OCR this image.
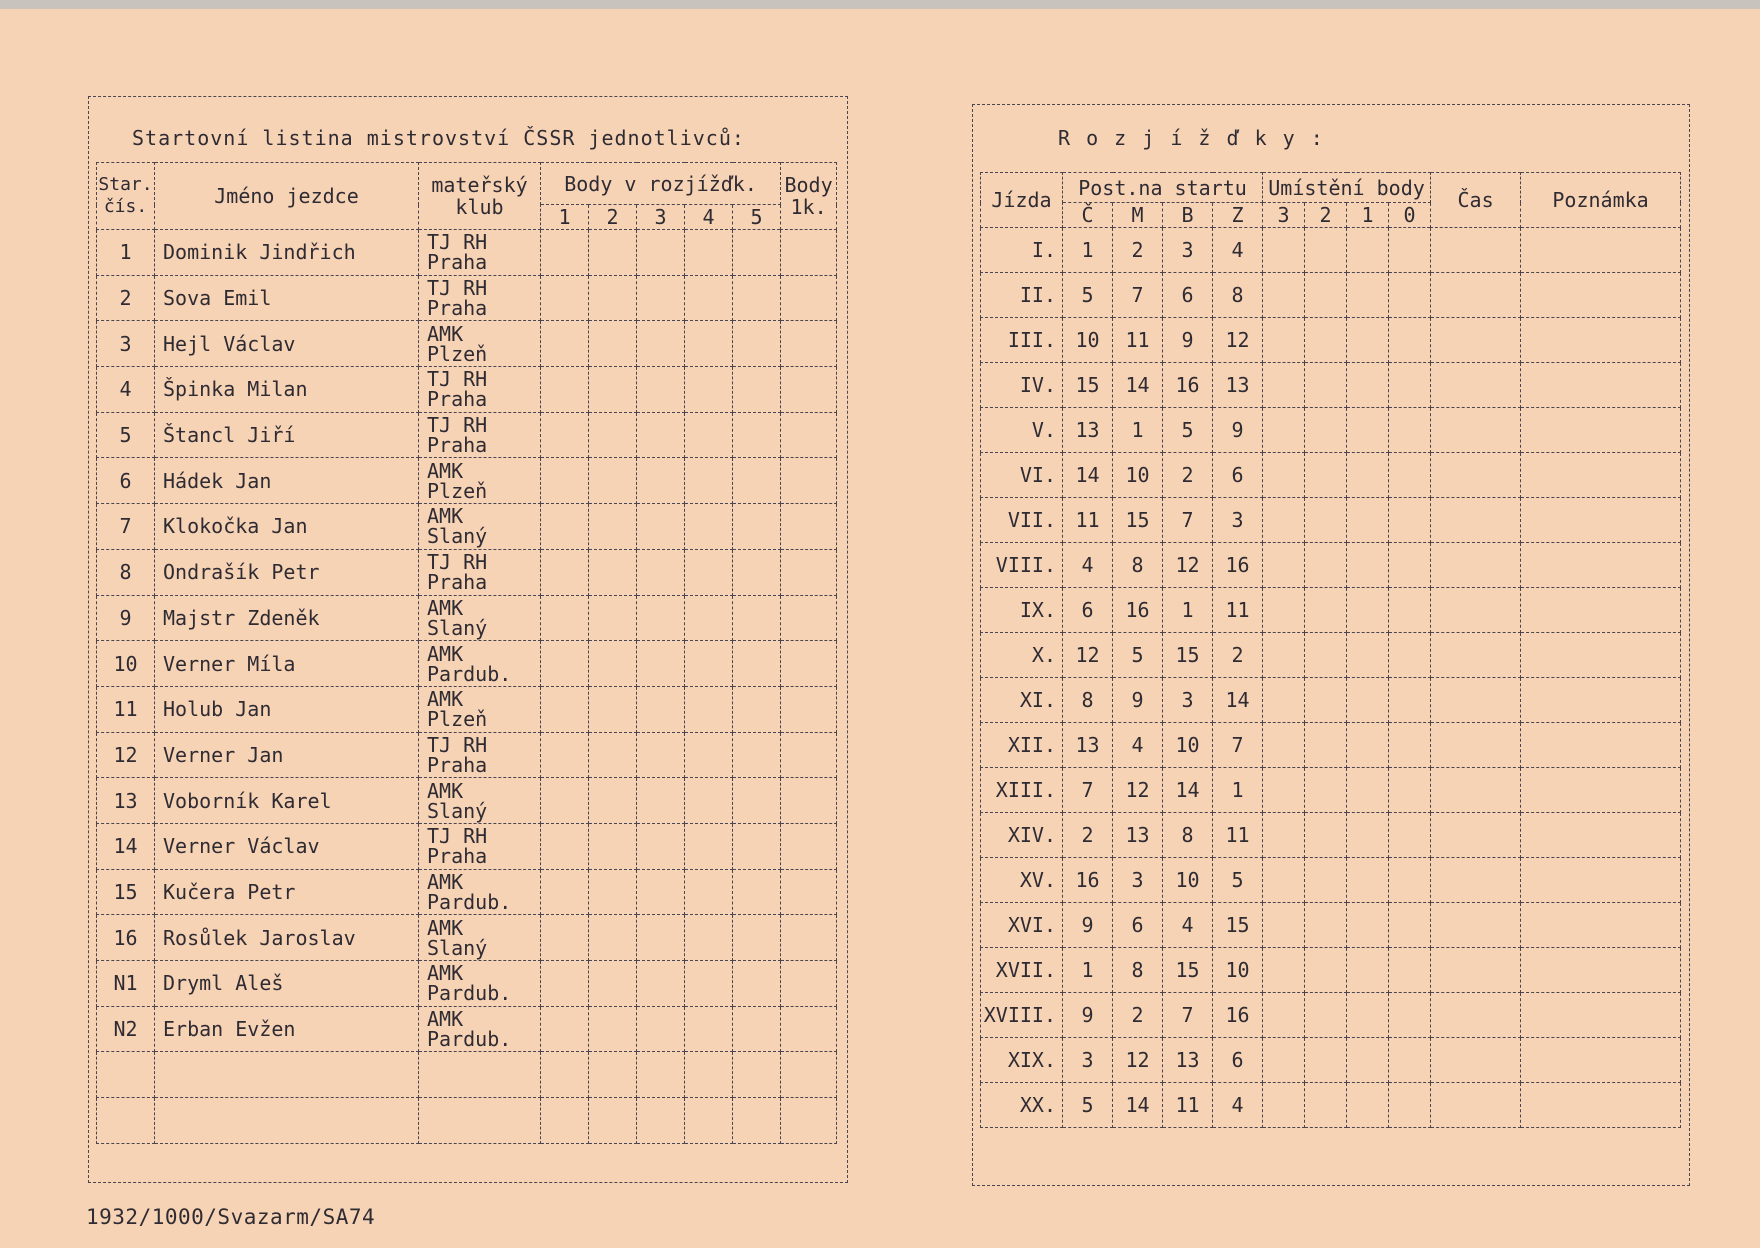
Startovní listina mistrovství ČSSR jednotlivců:
Star. čís.	Jméno jezdce	mateřský klub	Body v rozjížďk.					Body 1k.
			1	2	3	4	5	
1	Dominik Jindřich	TJ RH
Praha						

2	Sova Emil	TJ RH
Praha						

3	Hejl Václav	AMK
Plzeň						

4	Špinka Milan	TJ RH
Praha						

5	Štancl Jiří	TJ RH
Praha						

6	Hádek Jan	AMK
Plzeň						

7	Klokočka Jan	AMK
Slaný						

8	Ondrašík Petr	TJ RH
Praha						

9	Majstr Zdeněk	AMK
Slaný						

10	Verner Míla	AMK
Pardub.						

11	Holub Jan	AMK
Plzeň						

12	Verner Jan	TJ RH
Praha						

13	Voborník Karel	AMK
Slaný						

14	Verner Václav	TJ RH
Praha						

15	Kučera Petr	AMK
Pardub.						

16	Rosůlek Jaroslav	AMK
Slaný						

N1	Dryml Aleš	AMK
Pardub.						

N2	Erban Evžen	AMK
Pardub.						

R o z j í ž ď k y :
Jízda	Post.na startu				Umístění body				Čas	Poznámka
	Č	M	B	Z	3	2	1	0		
I.	1	2	3	4						
II.	5	7	6	8						
III.	10	11	9	12						
IV.	15	14	16	13						
V.	13	1	5	9						
VI.	14	10	2	6						
VII.	11	15	7	3						
VIII.	4	8	12	16						
IX.	6	16	1	11						
X.	12	5	15	2						
XI.	8	9	3	14						
XII.	13	4	10	7						
XIII.	7	12	14	1						
XIV.	2	13	8	11						
XV.	16	3	10	5						
XVI.	9	6	4	15						
XVII.	1	8	15	10						
XVIII.	9	2	7	16						
XIX.	3	12	13	6						
XX.	5	14	11	4						
1932/1000/Svazarm/SA74
